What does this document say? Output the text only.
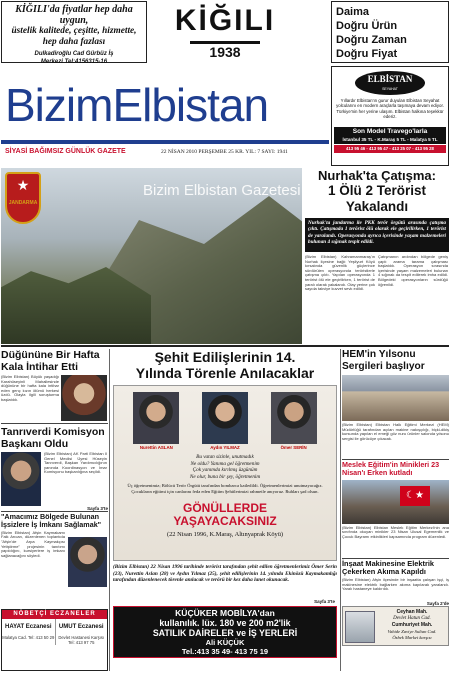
KİĞILI'da fiyatlar hep daha uygun,
üstelik kalitede, çeşitte, hizmette,
hep daha fazlası
Dulkadiroğlu Cad Gürbüz İş
Merkezi Tel:4156315-16
KİĞILI
1938
Daima
Doğru Ürün
Doğru Zaman
Doğru Fiyat
BizimElbistan
SİYASİ BAĞIMSIZ GÜNLÜK GAZETE	22 NİSAN 2010 PERŞEMBE 25 KR. YIL: 7 SAYI: 1941
ELBİSTAN
SEYAHAT
Yıllardır Elbistan'ın gurur duyulan Elbistan Seyahat yolcularını en modern araçlarla taşımaya devam ediyor. Türkiye'nin her yerine ulaşım. Elbistan halkına teşekkür ederiz.
Son Model Travego'larla
İstanbul 35 TL - K.Maraş 5 TL - Malatya 5 TL
413 95 46 - 413 95 47 - 413 25 07 - 413 95 28
★
JANDARMA
Bizim Elbistan Gazetesi
Nurhak'ta Çatışma:
1 Ölü 2 Terörist Yakalandı
Nurhak'ta jandarma ile PKK terör örgütü arasında çatışma çıktı. Çatışmada 1 terörist ölü olarak ele geçirilirken, 1 terörist de yaralandı. Operasyonda ayrıca içerisinde yaşam malzemeleri bulunan 4 sığınak tespit edildi.
(Bizim Elbistan) Kahramanmaraş'ın Nurhak ilçesine bağlı Yeşilyurt Köyü kırsalında güvenlik güçlerince sürdürülen operasyonda teröristlerle çatışma çıktı. Yapılan operasyonda 1 terörist ölü ele geçirilirken, 1 terörist de yaralı olarak yakalandı. Olay yerine çok sayıda takviye kuvvet sevk edildi.
Çatışmanın ardından bölgede geniş çaplı arama tarama çalışması başlatıldı. Operasyon sırasında içerisinde yaşam malzemeleri bulunan 4 sığınak da tespit edilerek imha edildi. Bölgedeki operasyonların sürdüğü öğrenildi.
Düğününe Bir Hafta Kala İntihar Etti
(Bizim Elbistan) Büyük yaşadığı Karahüseyinli Mahallesinde düğününe bir hafta kala intihar eden genç kızın ölümü herkesi üzdü. Olayla ilgili soruşturma başlatıldı.
Tanrıverdi Komisyon Başkanı Oldu
(Bizim Elbistan) AK Parti Elbistan İl Genel Meclisi Üyesi Hüseyin Tanrıverdi, Başkan Yardımcılığının yanında Koordinasyon ve İmar Komisyonu başkanlığına seçildi.
Sayfa 3'te
"Amacımız Bölgede Bulunan İşsizlere İş İmkanı Sağlamak"
(Bizim Elbistan) Afşin Kaymakamı Faik Arıcan, düzenlenen toplantıda "Afşin'de Arpa Kaymakçısı Yetiştirme" projesinin tanıtımı yapıldığını, kursiyerlere iş imkanı sağlanacağını söyledi.
NÖBETÇİ ECZANELER
HAYAT Eczanesi
Malatya Cad. Tel: 413 50 29
UMUT Eczanesi
Devlet Hastanesi Karşısı Tel: 413 97 75
Şehit Edilişlerinin 14.
Yılında Törenle Anılacaklar
Nurettin ASLAN	Aydın YILMAZ	Ömer SERİN
Bu vatan sizinle, unutmadık
Ne oldu? Yanıma gel öğretmenim
Çok yanımda kırılmış üzgünüm
Ne olur, buna bir şey, öğretmenim
Üç öğretmenimiz; Bölücü Terör Örgütü tarafından bombarca katledildi. Öğretmenlerimizi unutmayacağız. Çocukların eğitimi için canlarını feda eden Eğitim Şehitlerimizi rahmetle anıyoruz. Ruhları şad olsun.
GÖNÜLLERDE
YAŞAYACAKSINIZ
(22 Nisan 1996, K.Maraş, Altınyaprak Köyü)
(Bizim Elbistan) 22 Nisan 1996 tarihinde terörist tarafından şehit edilen öğretmenlerimiz Ömer Serin (23), Nurettin Aslan (28) ve Aydın Yılmaz (25), şehit edilişlerinin 14. yılında Ekinözü Kaymakamlığı tarafından düzenlenecek törenle anılacak ve terörü bir kez daha lanet okunacak.
Sayfa 3'te
KÜÇÜKER MOBİLYA'dan
kullanılık. lüx. 180 ve 200 m2'lik
SATILIK DAİRELER ve İŞ YERLERİ
Ali KÜÇÜK
Tel.:413 35 49- 413 75 19
HEM'in Yılsonu Sergileri başlıyor
(Bizim Elbistan) Elbistan Halk Eğitimi Merkezi (HEM) Müdürlüğü tarafından açılan makine nakışçılığı, biçki-dikiş kursunda yapılan el emeği göz nuru ürünler salonda yılsonu sergisi ile görücüye çıkacak.
Meslek Eğitim'in Minikleri 23 Nisan'ı Erken kutladı
☾★
(Bizim Elbistan) Elbistan Meslek Eğitim Merkezi'nin ana sınıfında okuyan minikler 23 Nisan Ulusal Egemenlik ve Çocuk Bayramı etkinlikleri kapsamında program düzenledi.
İnşaat Makinesine Elektrik Çekerken Akıma Kapıldı
(Bizim Elbistan) Afşin ilçesinde bir inşaatta çalışan işçi, iş makinesine elektrik bağlarken akıma kapılarak yaralandı. Yaralı hastaneye kaldırıldı.
Sayfa 2'de
Ceyhan Mah.
Devlet Hatun Cad.
Cumhuriyet Mah.
Vahide Zaviye Sultan Cad.
Özbek Market karşısı
